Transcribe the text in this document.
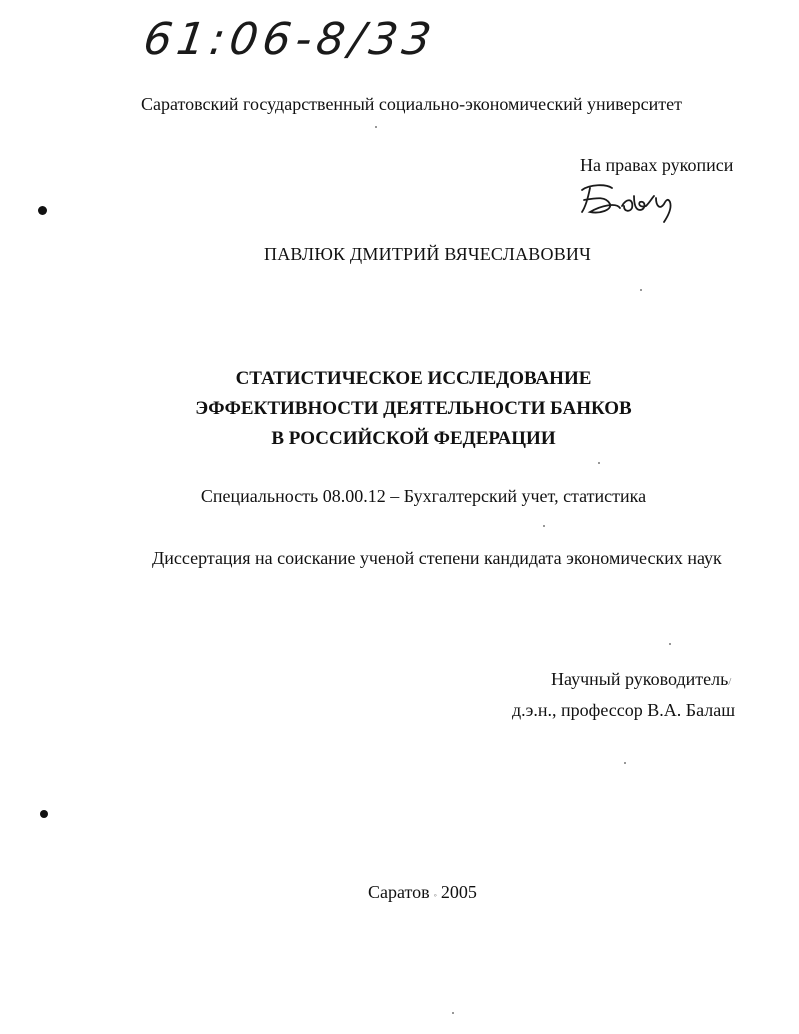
61:06-8/33
Саратовский государственный социально-экономический университет
На правах рукописи
ПАВЛЮК ДМИТРИЙ ВЯЧЕСЛАВОВИЧ
СТАТИСТИЧЕСКОЕ ИССЛЕДОВАНИЕ
ЭФФЕКТИВНОСТИ ДЕЯТЕЛЬНОСТИ БАНКОВ
В РОССИЙСКОЙ ФЕДЕРАЦИИ
Специальность 08.00.12 – Бухгалтерский учет, статистика
Диссертация на соискание ученой степени кандидата экономических наук
Научный руководитель/
д.э.н., профессор В.А. Балаш
Саратов ◦ 2005
